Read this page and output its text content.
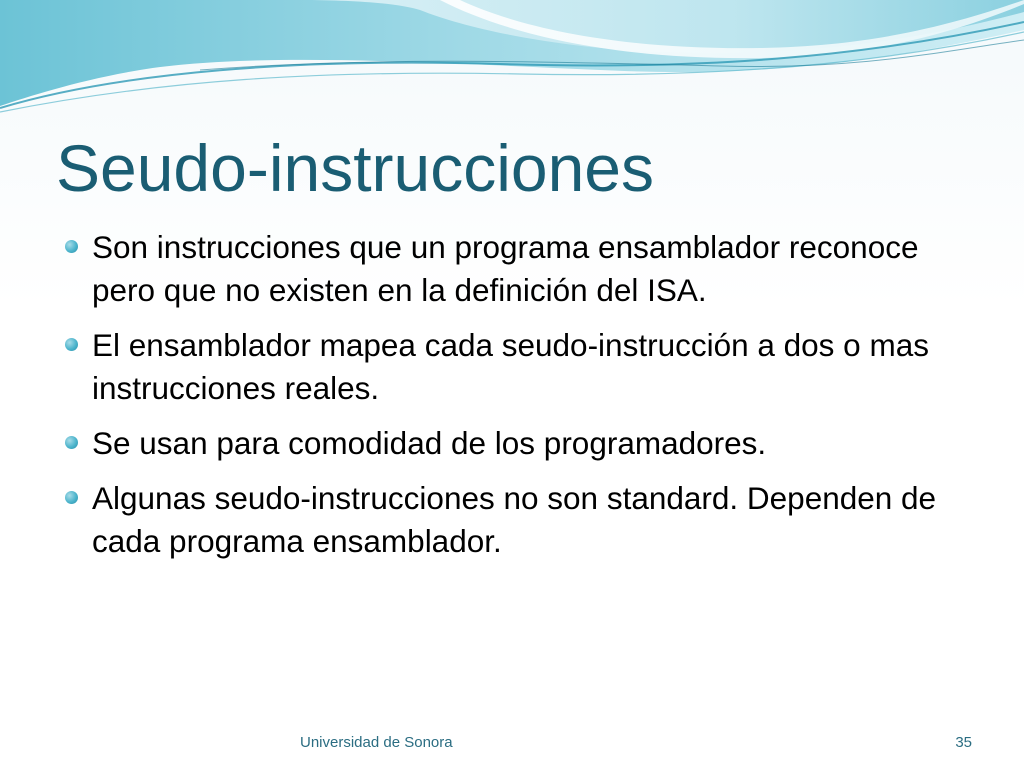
Seudo-instrucciones
Son instrucciones que un programa ensamblador reconoce pero que no existen en la definición del ISA.
El ensamblador mapea cada seudo-instrucción a dos o mas instrucciones reales.
Se usan para comodidad de los programadores.
Algunas seudo-instrucciones no son standard. Dependen de cada programa ensamblador.
Universidad de Sonora	35
